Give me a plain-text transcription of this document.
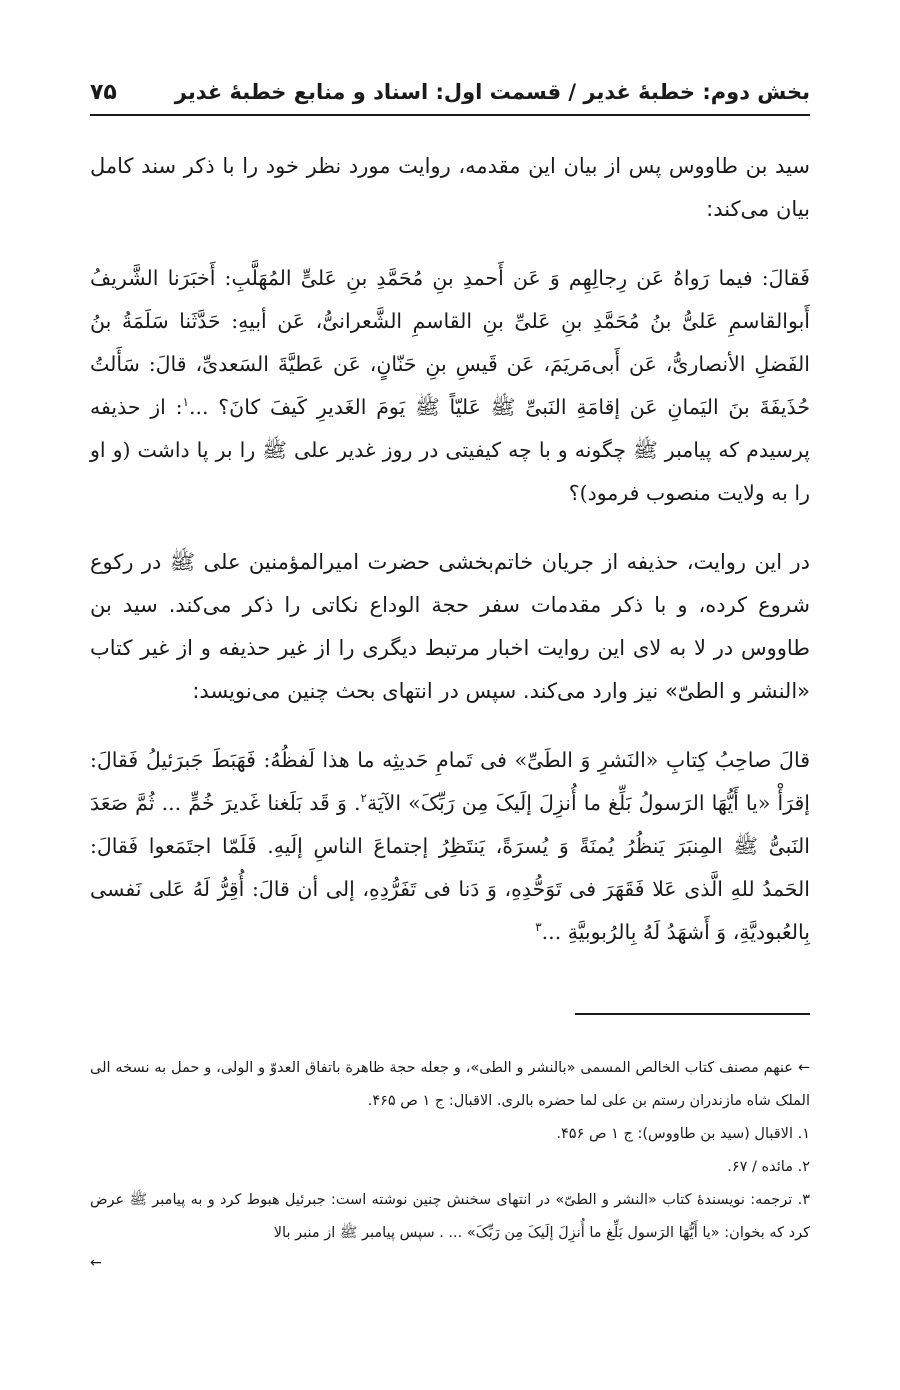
بخش دوم: خطبهٔ غدیر / قسمت اول: اسناد و منابع خطبهٔ غدیر
۷۵

سید بن طاووس پس از بیان این مقدمه، روایت مورد نظر خود را با ذکر سند کامل بیان می‌کند:

فَقالَ: فیما رَواهُ عَن رِجالِهِم وَ عَن أَحمدِ بنِ مُحَمَّدِ بنِ عَلیٍّ المُهَلَّبِ: أَخبَرَنا الشَّریفُ أَبوالقاسمِ عَلیُّ بنُ مُحَمَّدِ بنِ عَلیِّ بنِ القاسمِ الشَّعرانیُّ، عَن أبیهِ: حَدَّثَنا سَلَمَةُ بنُ الفَضلِ الأنصاریُّ، عَن أَبی‌مَریَمَ، عَن قَیسِ بنِ حَنّانٍ، عَن عَطیَّةَ السَعدیِّ، قالَ: سَأَلتُ حُذَیفَةَ بنَ الیَمانِ عَن إقامَةِ النَبیِّ ﷺ عَلیّاً ﷺ یَومَ الغَدیرِ کَیفَ کانَ؟ ...$^۱$: از حذیفه پرسیدم که پیامبر ﷺ چگونه و با چه کیفیتی در روز غدیر علی ﷺ را بر پا داشت (و او را به ولایت منصوب فرمود)؟

در این روایت، حذیفه از جریان خاتم‌بخشی حضرت امیرالمؤمنین علی ﷺ در رکوع شروع کرده، و با ذکر مقدمات سفر حجة الوداع نکاتی را ذکر می‌کند. سید بن طاووس در لا به لای این روایت اخبار مرتبط دیگری را از غیر حذیفه و از غیر کتاب «النشر و الطیّ» نیز وارد می‌کند. سپس در انتهای بحث چنین می‌نویسد:

قالَ صاحِبُ کِتابِ «النَشرِ وَ الطَیِّ» فی تَمامِ حَدیثِه ما هذا لَفظُهُ: فَهَبَطَ جَبرَئیلُ فَقالَ: إقرَأْ «یا أَیُّهَا الرَسولُ بَلِّغ ما أُنزِلَ إلَیکَ مِن رَبِّکَ» الآیَة$^۲$. وَ قَد بَلَغنا غَدیرَ خُمٍّ ... ثُمَّ صَعَدَ النَبیُّ ﷺ المِنبَرَ یَنظُرُ یُمنَةً وَ یُسرَةً، یَنتَظِرُ إجتماعَ الناسِ إلَیهِ. فَلَمّا اجتَمَعوا فَقالَ: الحَمدُ للهِ الَّذی عَلا فَقَهَرَ فی تَوَحُّدِهِ، وَ دَنا فی تَفَرُّدِهِ، إلی أن قالَ: أُقِرُّ لَهُ عَلی نَفسی بِالعُبودیَّةِ، وَ أَشهَدُ لَهُ بِالرُبوبیَّةِ ...$^۳$

← عنهم مصنف کتاب الخالص المسمی «بالنشر و الطی»، و جعله حجة ظاهرة باتفاق العدوّ و الولی، و حمل به نسخه الی الملک شاه مازندران رستم بن علی لما حضره بالری. الاقبال: ج ۱ ص ۴۶۵.

۱. الاقبال (سید بن طاووس): ج ۱ ص ۴۵۶.

۲. مائده / ۶۷.

۳. ترجمه: نویسندهٔ کتاب «النشر و الطیّ» در انتهای سخنش چنین نوشته است: جبرئیل هبوط کرد و به پیامبر ﷺ عرض کرد که بخوان: «یا أَیُّهَا الرَسول بَلِّغ ما أُنزِلَ إلَیکَ مِن رَبِّکَ» ... . سپس پیامبر ﷺ از منبر بالا

←
